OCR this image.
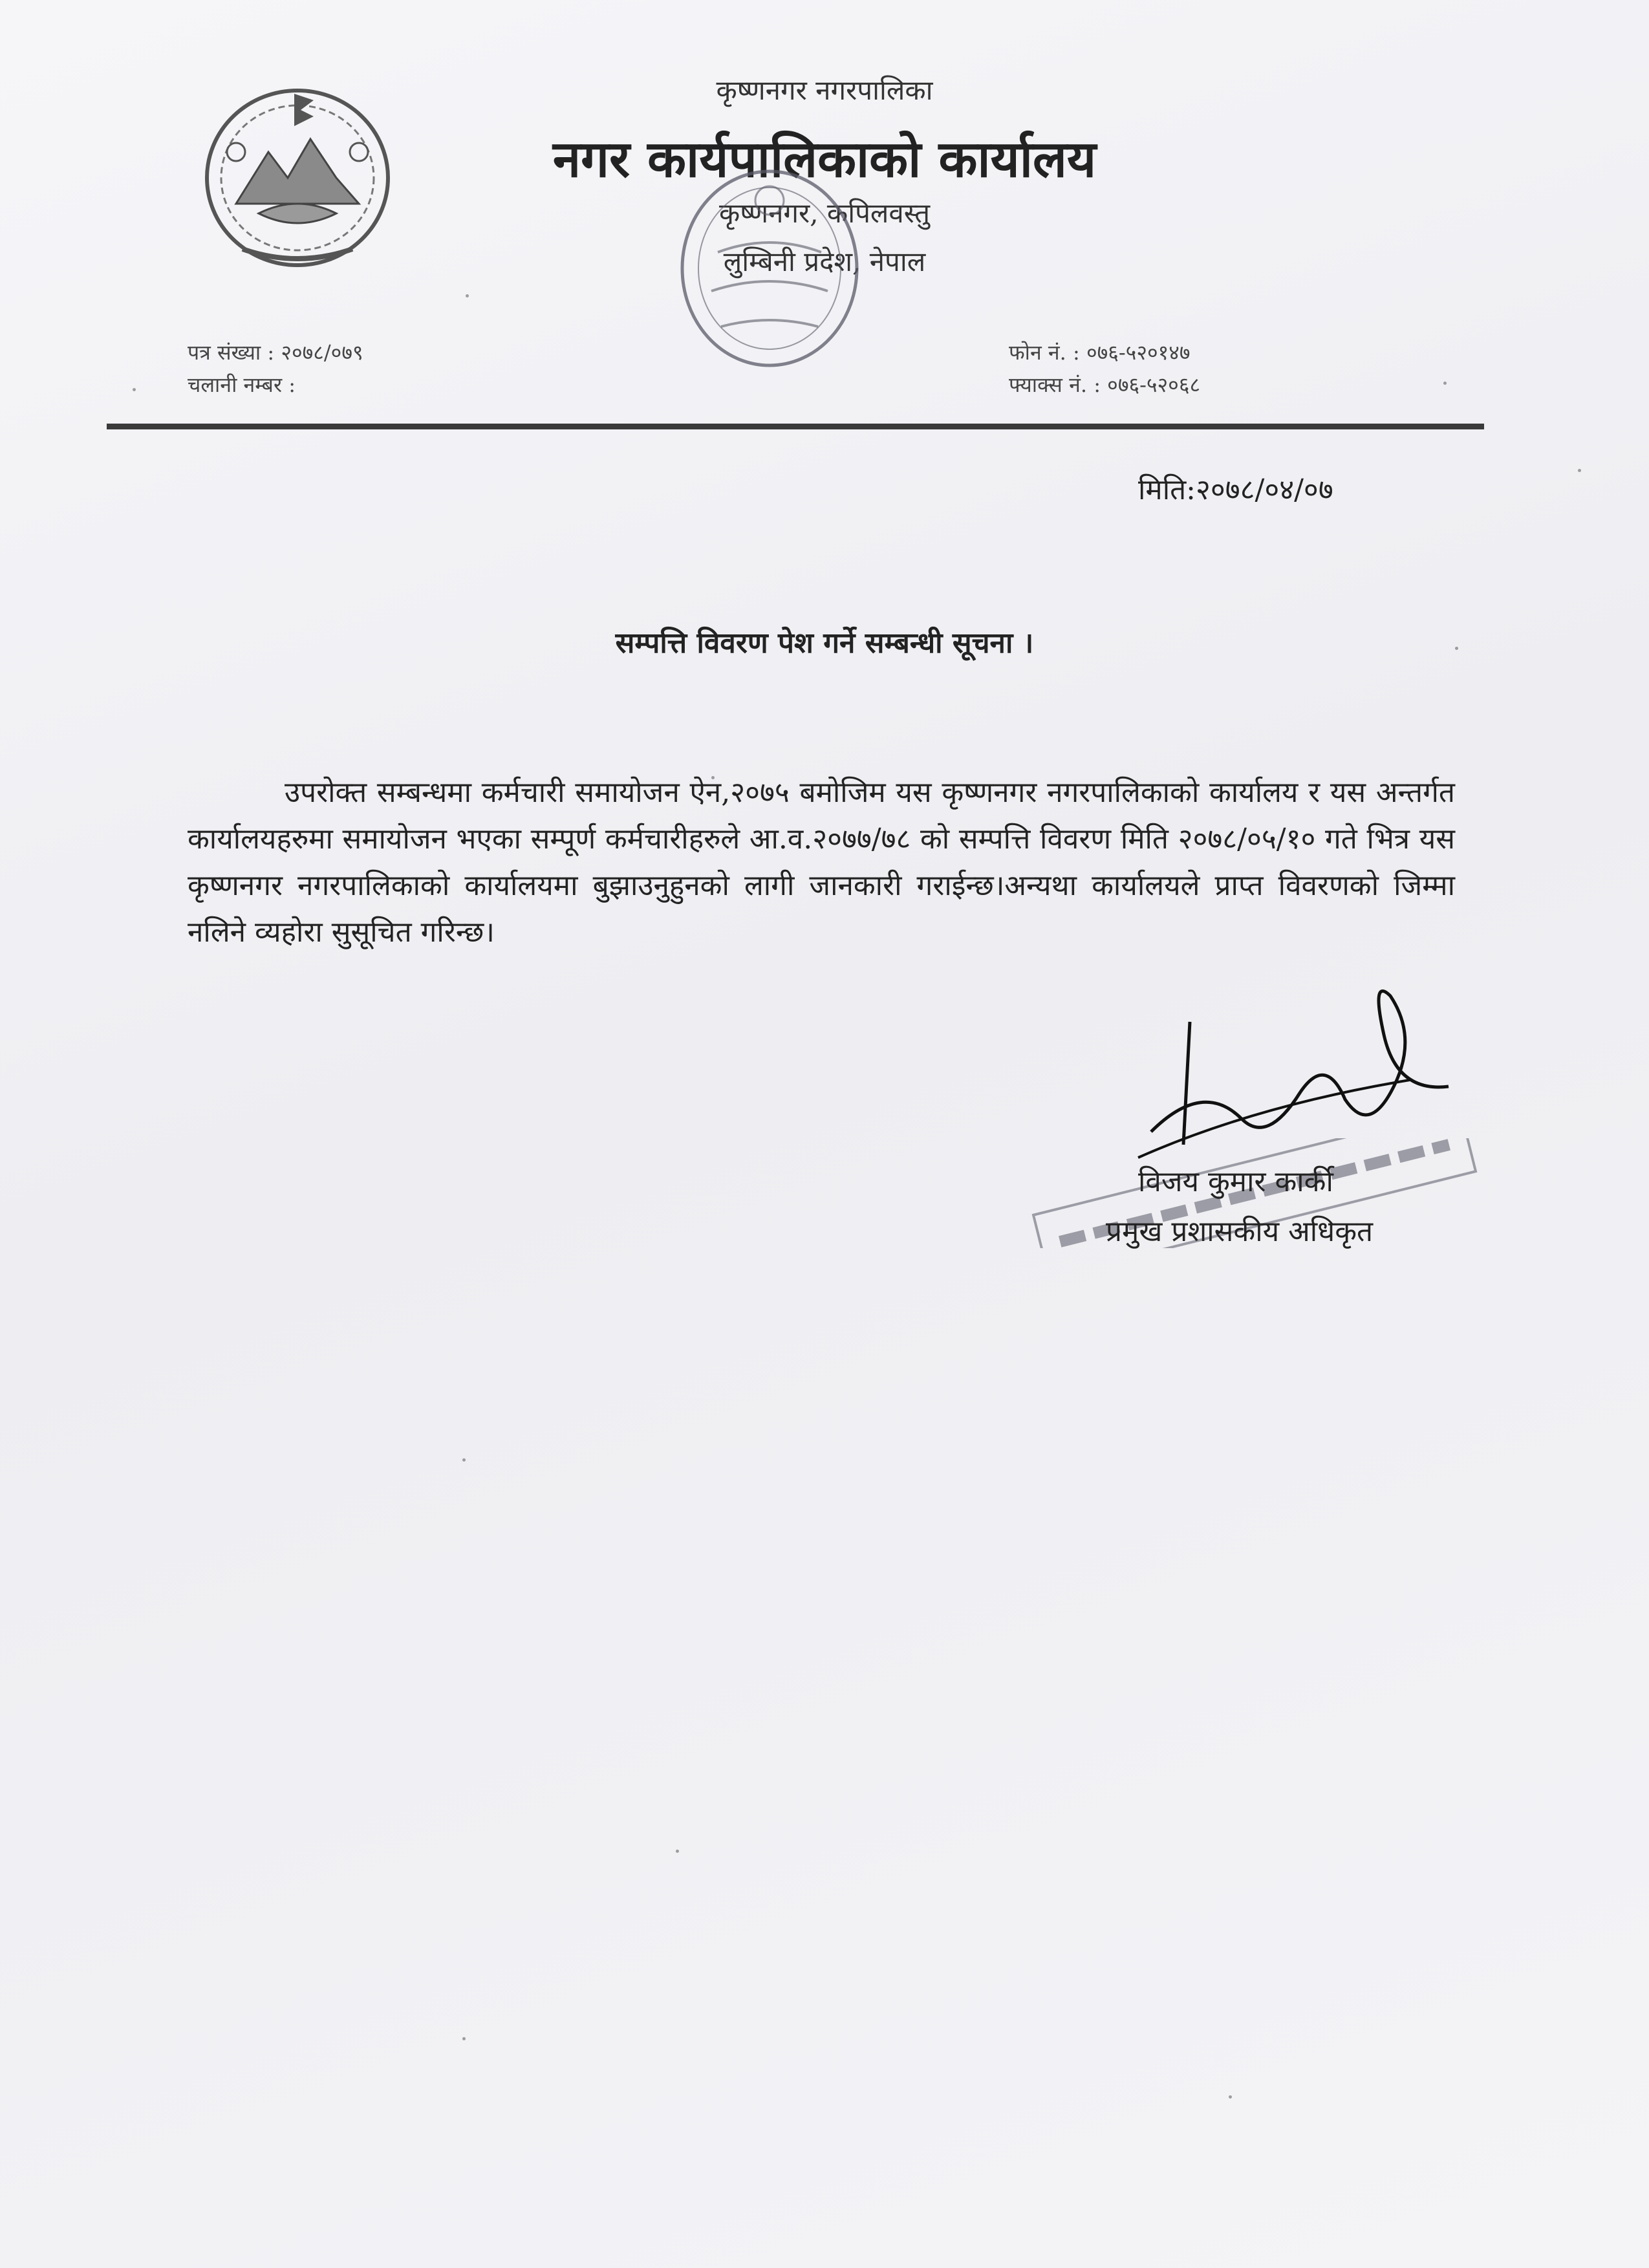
कृष्णनगर नगरपालिका
नगर कार्यपालिकाको कार्यालय
कृष्णनगर, कपिलवस्तु
लुम्बिनी प्रदेश, नेपाल
पत्र संख्या : २०७८/०७९
चलानी नम्बर :
फोन नं. : ०७६-५२०१४७
फ्याक्स नं. : ०७६-५२०६८
मिति:२०७८/०४/०७
सम्पत्ति विवरण पेश गर्ने सम्बन्धी सूचना ।
उपरोक्त सम्बन्धमा कर्मचारी समायोजन ऐन,२०७५ बमोजिम यस कृष्णनगर नगरपालिकाको कार्यालय र यस अन्तर्गत कार्यालयहरुमा समायोजन भएका सम्पूर्ण कर्मचारीहरुले आ.व.२०७७/७८ को सम्पत्ति विवरण मिति २०७८/०५/१० गते भित्र यस कृष्णनगर नगरपालिकाको कार्यालयमा बुझाउनुहुनको लागी जानकारी गराईन्छ।अन्यथा कार्यालयले प्राप्त विवरणको जिम्मा नलिने व्यहोरा सुसूचित गरिन्छ।
विजय कुमार कार्की
प्रमुख प्रशासकीय अधिकृत
